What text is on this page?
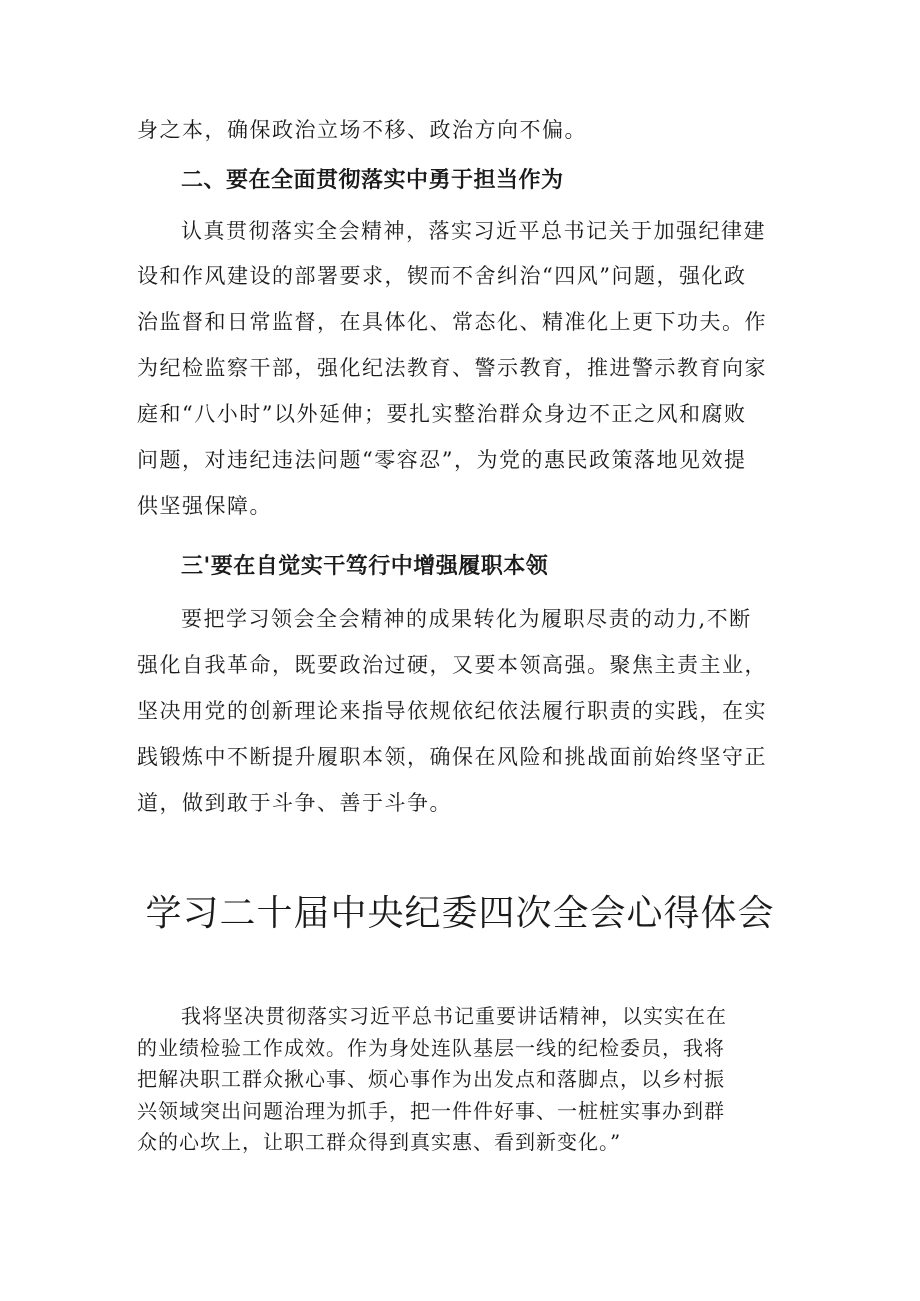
身之本，确保政治立场不移、政治方向不偏。
二、要在全面贯彻落实中勇于担当作为
认真贯彻落实全会精神，落实习近平总书记关于加强纪律建
设和作风建设的部署要求，锲而不舍纠治“四风”问题，强化政
治监督和日常监督，在具体化、常态化、精准化上更下功夫。作
为纪检监察干部，强化纪法教育、警示教育，推进警示教育向家
庭和“八小时”以外延伸；要扎实整治群众身边不正之风和腐败
问题，对违纪违法问题“零容忍”，为党的惠民政策落地见效提
供坚强保障。
三'要在自觉实干笃行中增强履职本领
要把学习领会全会精神的成果转化为履职尽责的动力,不断
强化自我革命，既要政治过硬，又要本领高强。聚焦主责主业，
坚决用党的创新理论来指导依规依纪依法履行职责的实践，在实
践锻炼中不断提升履职本领，确保在风险和挑战面前始终坚守正
道，做到敢于斗争、善于斗争。
学习二十届中央纪委四次全会心得体会
我将坚决贯彻落实习近平总书记重要讲话精神，以实实在在
的业绩检验工作成效。作为身处连队基层一线的纪检委员，我将
把解决职工群众揪心事、烦心事作为出发点和落脚点，以乡村振
兴领域突出问题治理为抓手，把一件件好事、一桩桩实事办到群
众的心坎上，让职工群众得到真实惠、看到新变化。”
